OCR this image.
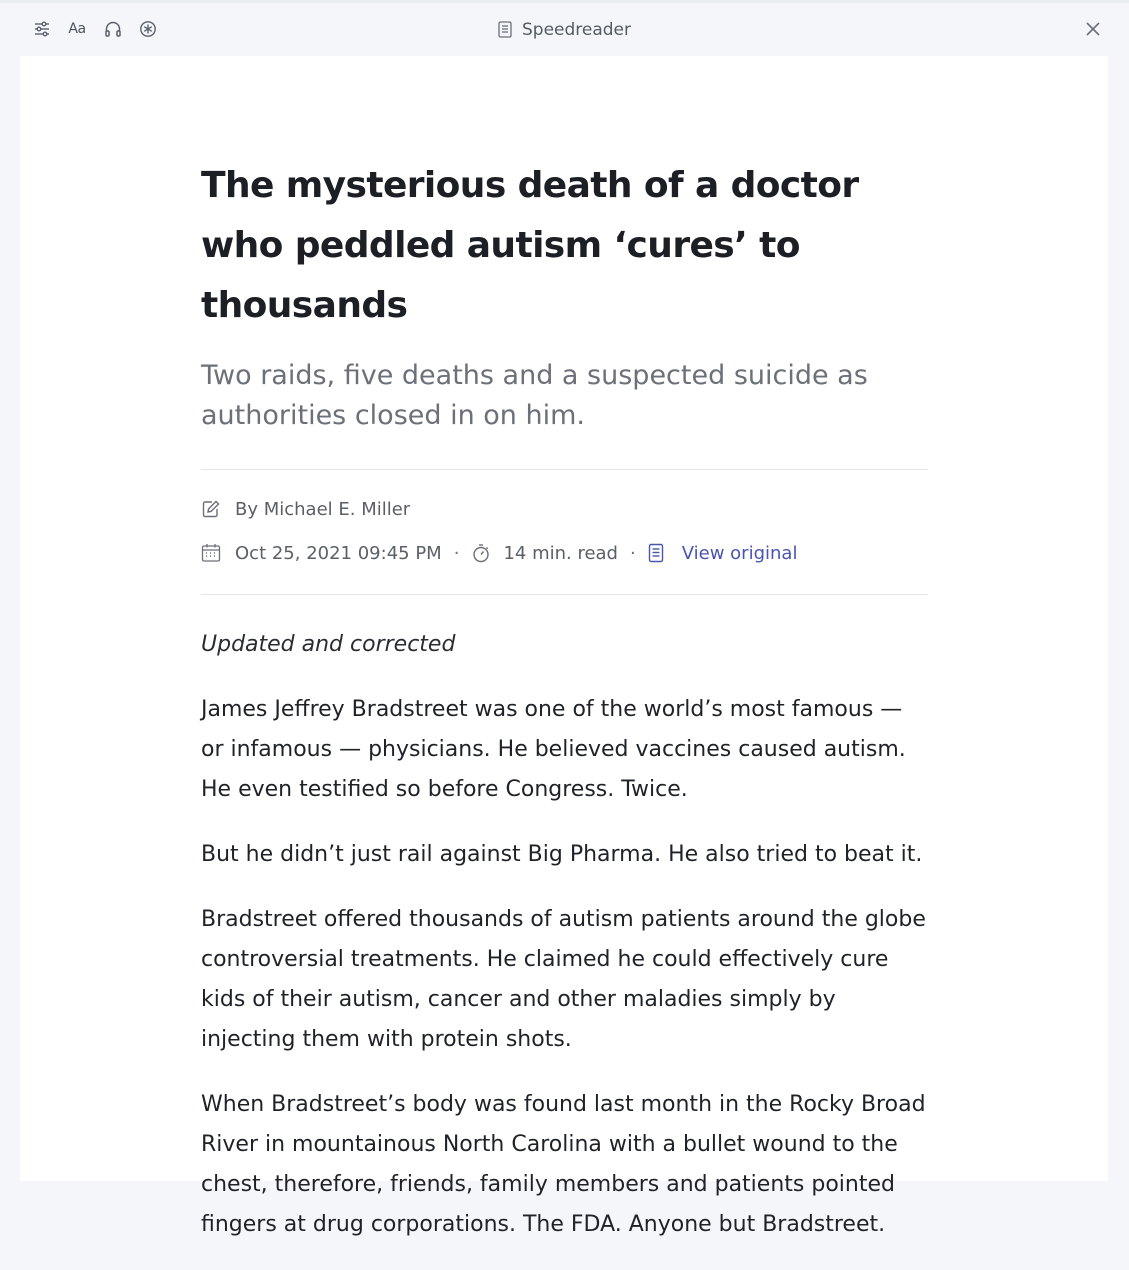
Aa	Speedreader
The mysterious death of a doctor who peddled autism ‘cures’ to thousands
Two raids, five deaths and a suspected suicide as authorities closed in on him.
By Michael E. Miller
Oct 25, 2021 09:45 PM · 14 min. read ·	View original

Updated and corrected

James Jeffrey Bradstreet was one of the world’s most famous — or infamous — physicians. He believed vaccines caused autism. He even testified so before Congress. Twice.

But he didn’t just rail against Big Pharma. He also tried to beat it.

Bradstreet offered thousands of autism patients around the globe controversial treatments. He claimed he could effectively cure kids of their autism, cancer and other maladies simply by injecting them with protein shots.

When Bradstreet’s body was found last month in the Rocky Broad River in mountainous North Carolina with a bullet wound to the chest, therefore, friends, family members and patients pointed fingers at drug corporations. The FDA. Anyone but Bradstreet.
